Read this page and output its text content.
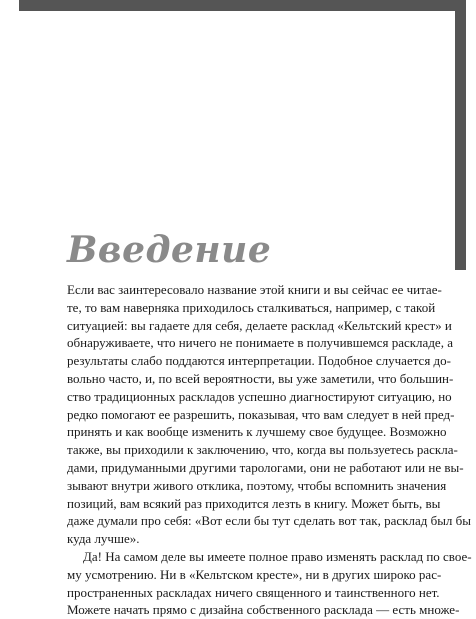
Введение

Если вас заинтересовало название этой книги и вы сейчас ее читае-
те, то вам наверняка приходилось сталкиваться, например, с такой
ситуацией: вы гадаете для себя, делаете расклад «Кельтский крест» и
обнаруживаете, что ничего не понимаете в получившемся раскладе, а
результаты слабо поддаются интерпретации. Подобное случается до-
вольно часто, и, по всей вероятности, вы уже заметили, что большин-
ство традиционных раскладов успешно диагностируют ситуацию, но
редко помогают ее разрешить, показывая, что вам следует в ней пред-
принять и как вообще изменить к лучшему свое будущее. Возможно
также, вы приходили к заключению, что, когда вы пользуетесь расклa-
дами, придуманными другими тарологами, они не работают или не вы-
зывают внутри живого отклика, поэтому, чтобы вспомнить значения
позиций, вам всякий раз приходится лезть в книгу. Может быть, вы
даже думали про себя: «Вот если бы тут сделать вот так, расклад был бы
куда лучше».

Да! На самом деле вы имеете полное право изменять расклад по свое-
му усмотрению. Ни в «Кельтском кресте», ни в других широко рас-
пространенных раскладах ничего священного и таинственного нет.
Можете начать прямо с дизайна собственного расклада — есть множе-
